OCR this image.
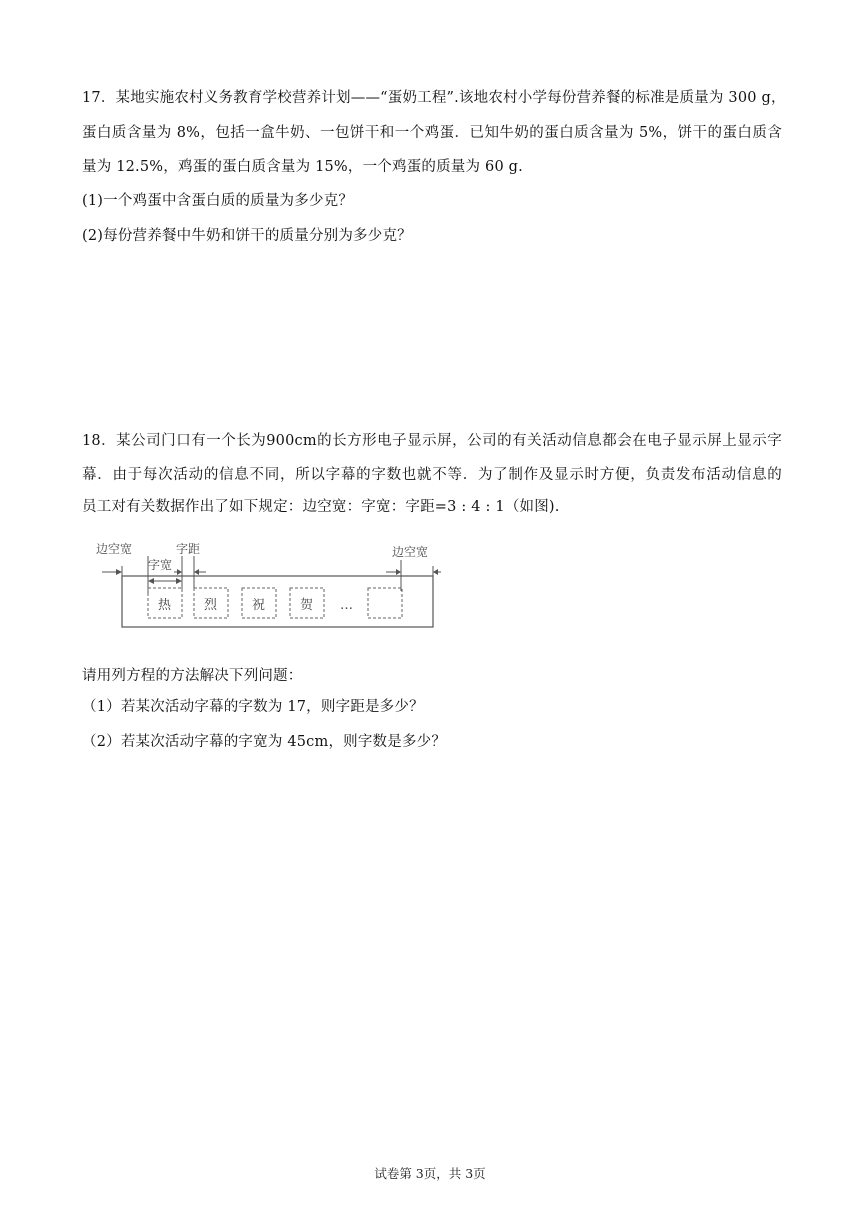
17．某地实施农村义务教育学校营养计划——“蛋奶工程”.该地农村小学每份营养餐的标准是质量为 300 g，
蛋白质含量为 8%，包括一盒牛奶、一包饼干和一个鸡蛋．已知牛奶的蛋白质含量为 5%，饼干的蛋白质含
量为 12.5%，鸡蛋的蛋白质含量为 15%，一个鸡蛋的质量为 60 g.
(1)一个鸡蛋中含蛋白质的质量为多少克？
(2)每份营养餐中牛奶和饼干的质量分别为多少克？
18．某公司门口有一个长为900cm的长方形电子显示屏，公司的有关活动信息都会在电子显示屏上显示字
幕．由于每次活动的信息不同，所以字幕的字数也就不等．为了制作及显示时方便，负责发布活动信息的
员工对有关数据作出了如下规定：边空宽：字宽：字距=3 : 4 : 1（如图).
边空宽	字距
字宽
边空宽
热	烈	祝	贺 …
请用列方程的方法解决下列问题：
（1）若某次活动字幕的字数为 17，则字距是多少？
（2）若某次活动字幕的字宽为 45cm，则字数是多少？
试卷第 3页，共 3页
